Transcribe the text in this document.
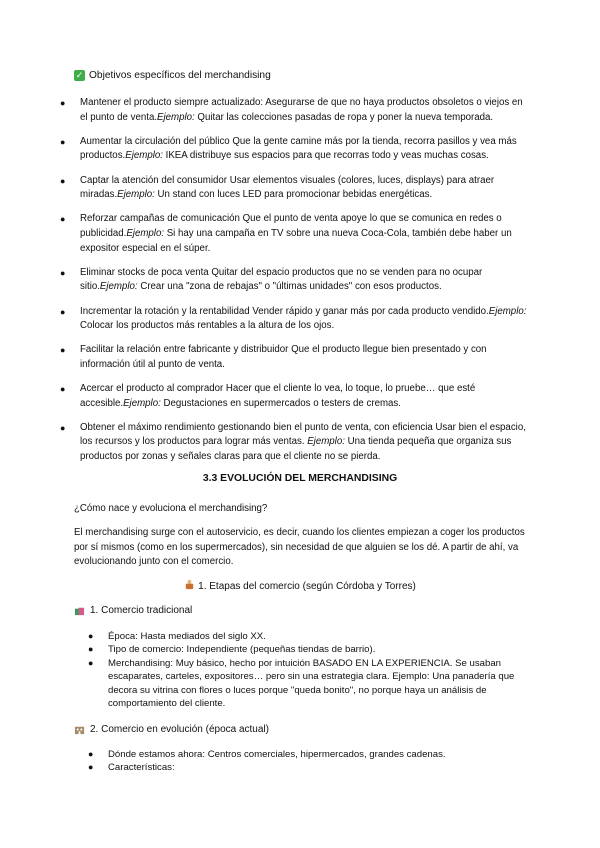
✓ Objetivos específicos del merchandising
● Mantener el producto siempre actualizado: Asegurarse de que no haya productos obsoletos o viejos en el punto de venta.Ejemplo: Quitar las colecciones pasadas de ropa y poner la nueva temporada.
● Aumentar la circulación del público Que la gente camine más por la tienda, recorra pasillos y vea más productos.Ejemplo: IKEA distribuye sus espacios para que recorras todo y veas muchas cosas.
● Captar la atención del consumidor Usar elementos visuales (colores, luces, displays) para atraer miradas.Ejemplo: Un stand con luces LED para promocionar bebidas energéticas.
● Reforzar campañas de comunicación Que el punto de venta apoye lo que se comunica en redes o publicidad.Ejemplo: Si hay una campaña en TV sobre una nueva Coca-Cola, también debe haber un expositor especial en el súper.
● Eliminar stocks de poca venta Quitar del espacio productos que no se venden para no ocupar sitio.Ejemplo: Crear una "zona de rebajas" o "últimas unidades" con esos productos.
● Incrementar la rotación y la rentabilidad Vender rápido y ganar más por cada producto vendido.Ejemplo: Colocar los productos más rentables a la altura de los ojos.
● Facilitar la relación entre fabricante y distribuidor Que el producto llegue bien presentado y con información útil al punto de venta.
● Acercar el producto al comprador Hacer que el cliente lo vea, lo toque, lo pruebe… que esté accesible.Ejemplo: Degustaciones en supermercados o testers de cremas.
● Obtener el máximo rendimiento gestionando bien el punto de venta, con eficiencia Usar bien el espacio, los recursos y los productos para lograr más ventas. Ejemplo: Una tienda pequeña que organiza sus productos por zonas y señales claras para que el cliente no se pierda.
3.3 EVOLUCIÓN DEL MERCHANDISING
¿Cómo nace y evoluciona el merchandising?
El merchandising surge con el autoservicio, es decir, cuando los clientes empiezan a coger los productos por sí mismos (como en los supermercados), sin necesidad de que alguien se los dé. A partir de ahí, va evolucionando junto con el comercio.
1. Etapas del comercio (según Córdoba y Torres)
1. Comercio tradicional
● Época: Hasta mediados del siglo XX.
● Tipo de comercio: Independiente (pequeñas tiendas de barrio).
● Merchandising: Muy básico, hecho por intuición BASADO EN LA EXPERIENCIA. Se usaban escaparates, carteles, expositores… pero sin una estrategia clara. Ejemplo: Una panadería que decora su vitrina con flores o luces porque "queda bonito", no porque haya un análisis de comportamiento del cliente.
2. Comercio en evolución (época actual)
● Dónde estamos ahora: Centros comerciales, hipermercados, grandes cadenas.
● Características:
